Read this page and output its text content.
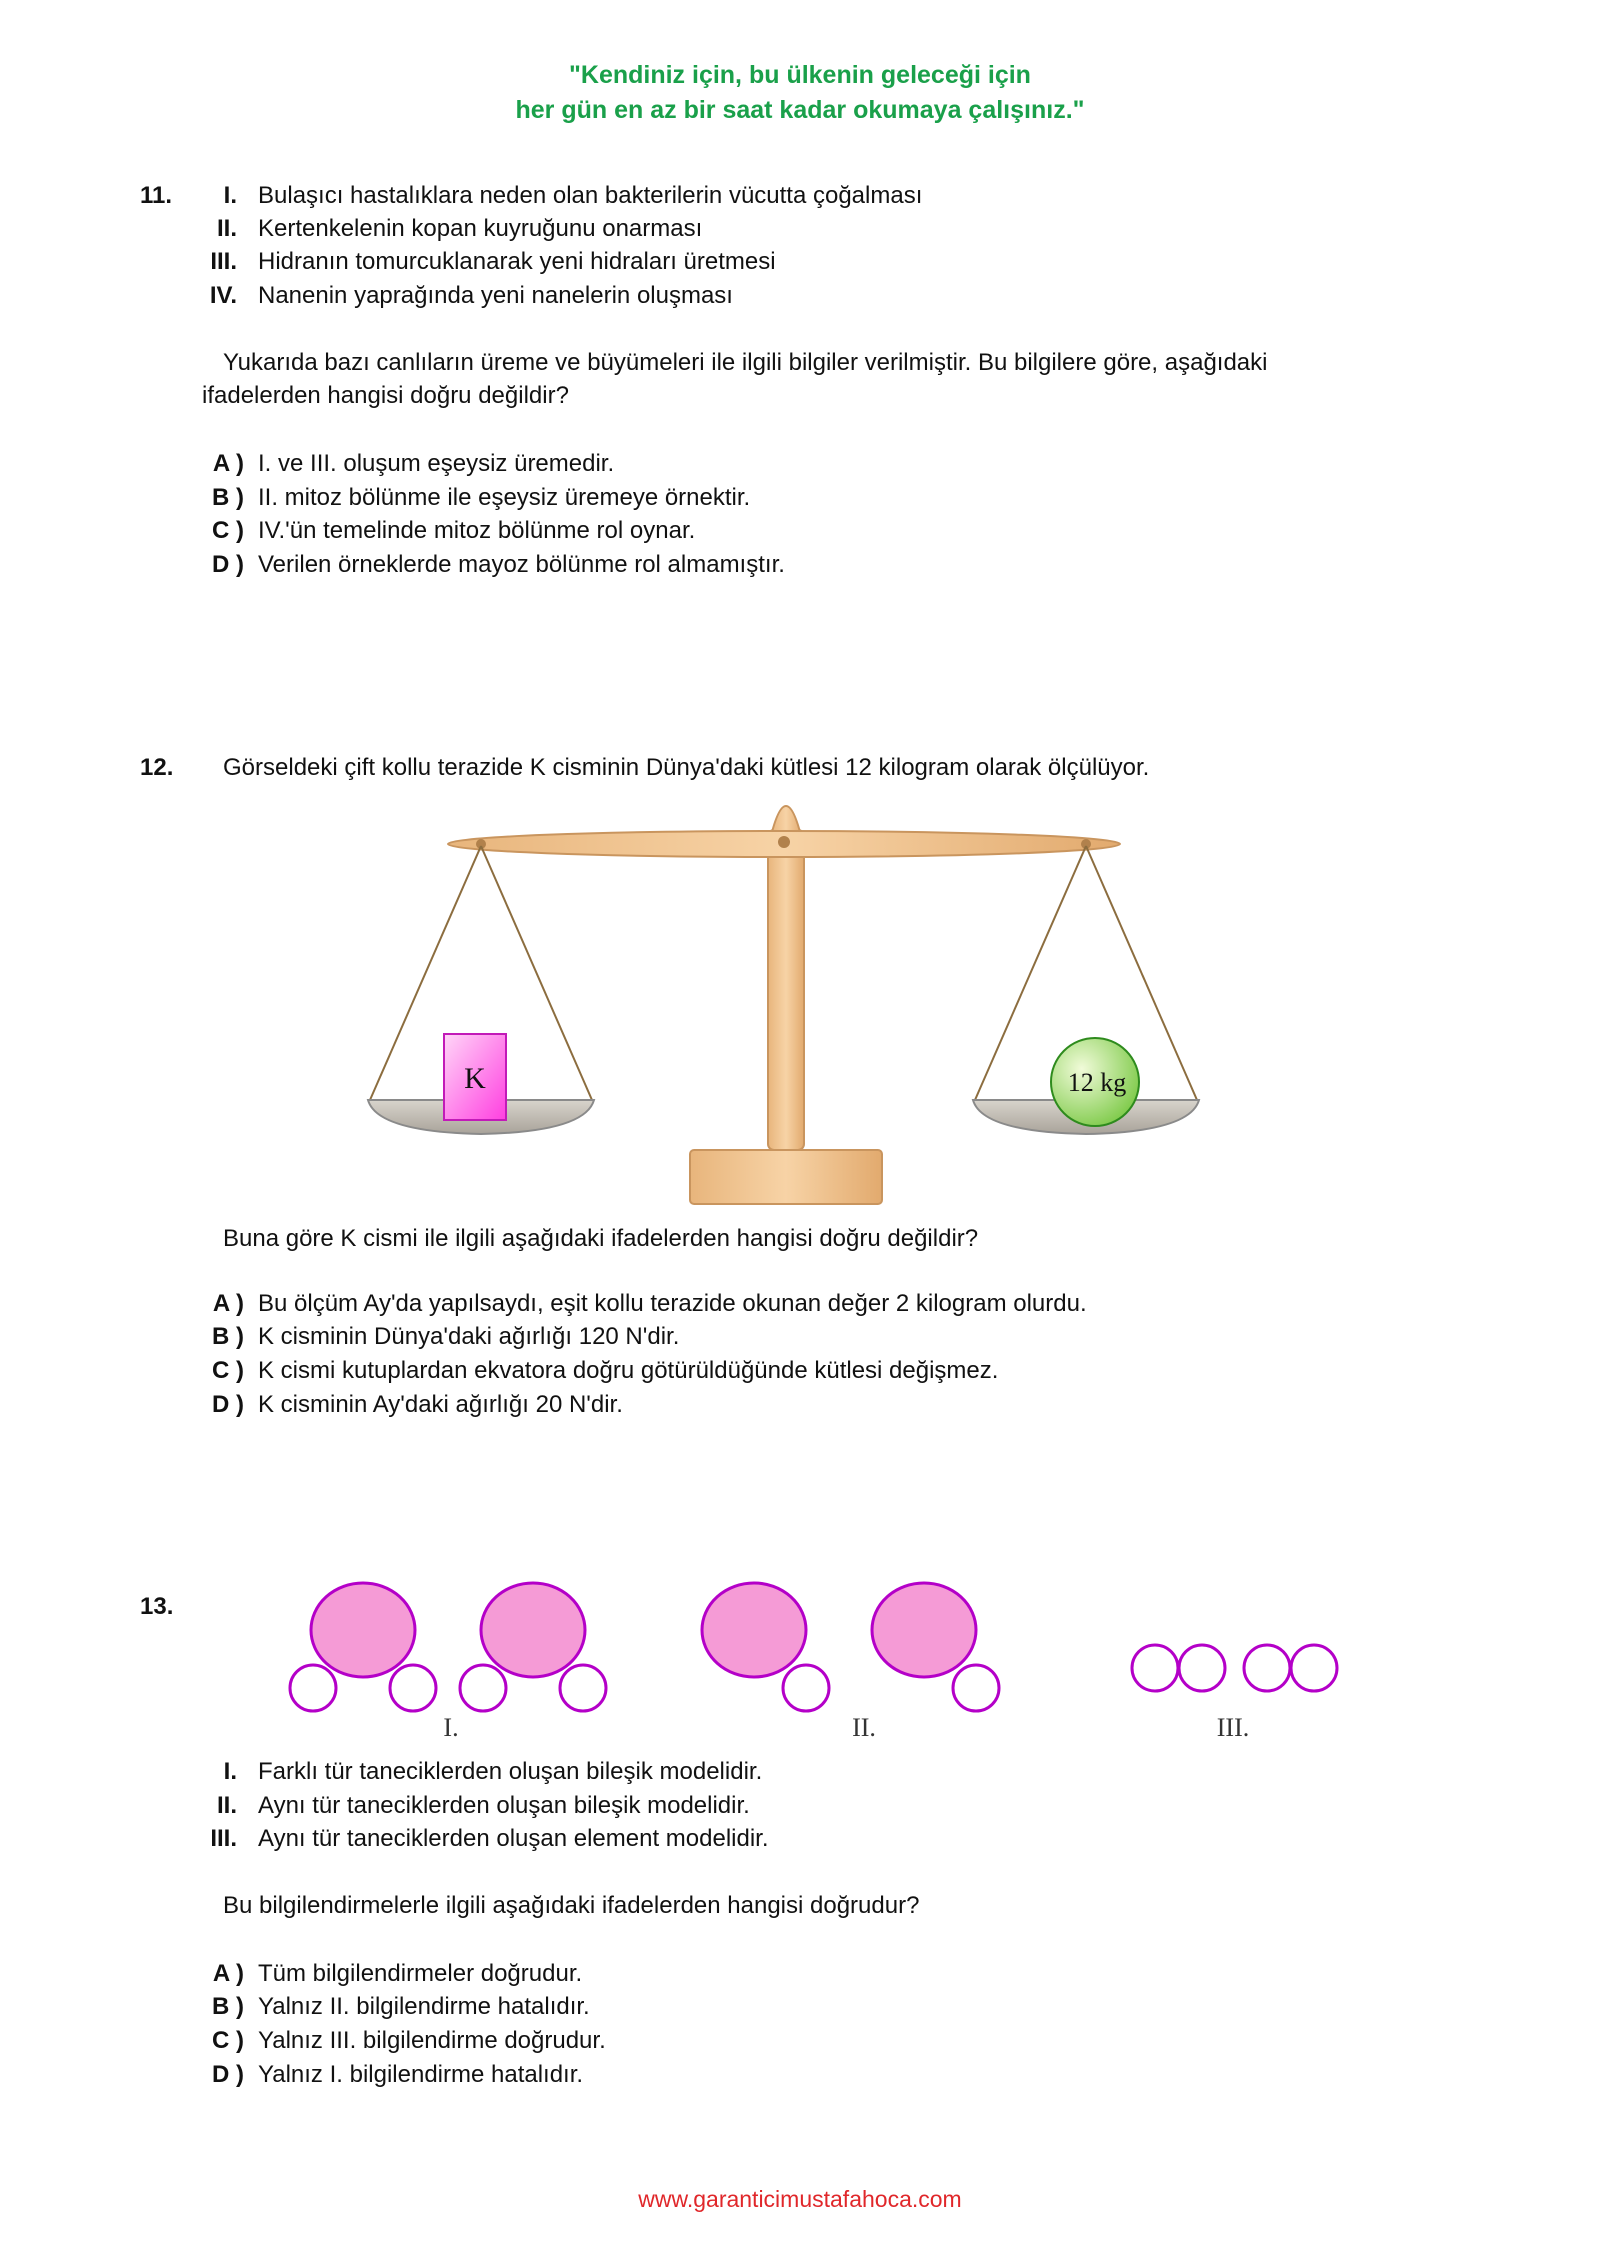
"Kendiniz için, bu ülkenin geleceği için
her gün en az bir saat kadar okumaya çalışınız."
11.	I. Bulaşıcı hastalıklara neden olan bakterilerin vücutta çoğalması
II. Kertenkelenin kopan kuyruğunu onarması
III. Hidranın tomurcuklanarak yeni hidraları üretmesi
IV. Nanenin yaprağında yeni nanelerin oluşması
Yukarıda bazı canlıların üreme ve büyümeleri ile ilgili bilgiler verilmiştir. Bu bilgilere göre, aşağıdaki
ifadelerden hangisi doğru değildir?
A ) I. ve III. oluşum eşeysiz üremedir.
B ) II. mitoz bölünme ile eşeysiz üremeye örnektir.
C ) IV.'ün temelinde mitoz bölünme rol oynar.
D ) Verilen örneklerde mayoz bölünme rol almamıştır.
12. Görseldeki çift kollu terazide K cisminin Dünya'daki kütlesi 12 kilogram olarak ölçülüyor.
K	12 kg
Buna göre K cismi ile ilgili aşağıdaki ifadelerden hangisi doğru değildir?
A ) Bu ölçüm Ay'da yapılsaydı, eşit kollu terazide okunan değer 2 kilogram olurdu.
B ) K cisminin Dünya'daki ağırlığı 120 N'dir.
C ) K cismi kutuplardan ekvatora doğru götürüldüğünde kütlesi değişmez.
D ) K cisminin Ay'daki ağırlığı 20 N'dir.
13.
I.	II.	III.
I. Farklı tür taneciklerden oluşan bileşik modelidir.
II. Aynı tür taneciklerden oluşan bileşik modelidir.
III. Aynı tür taneciklerden oluşan element modelidir.
Bu bilgilendirmelerle ilgili aşağıdaki ifadelerden hangisi doğrudur?
A ) Tüm bilgilendirmeler doğrudur.
B ) Yalnız II. bilgilendirme hatalıdır.
C ) Yalnız III. bilgilendirme doğrudur.
D ) Yalnız I. bilgilendirme hatalıdır.
www.garanticimustafahoca.com
